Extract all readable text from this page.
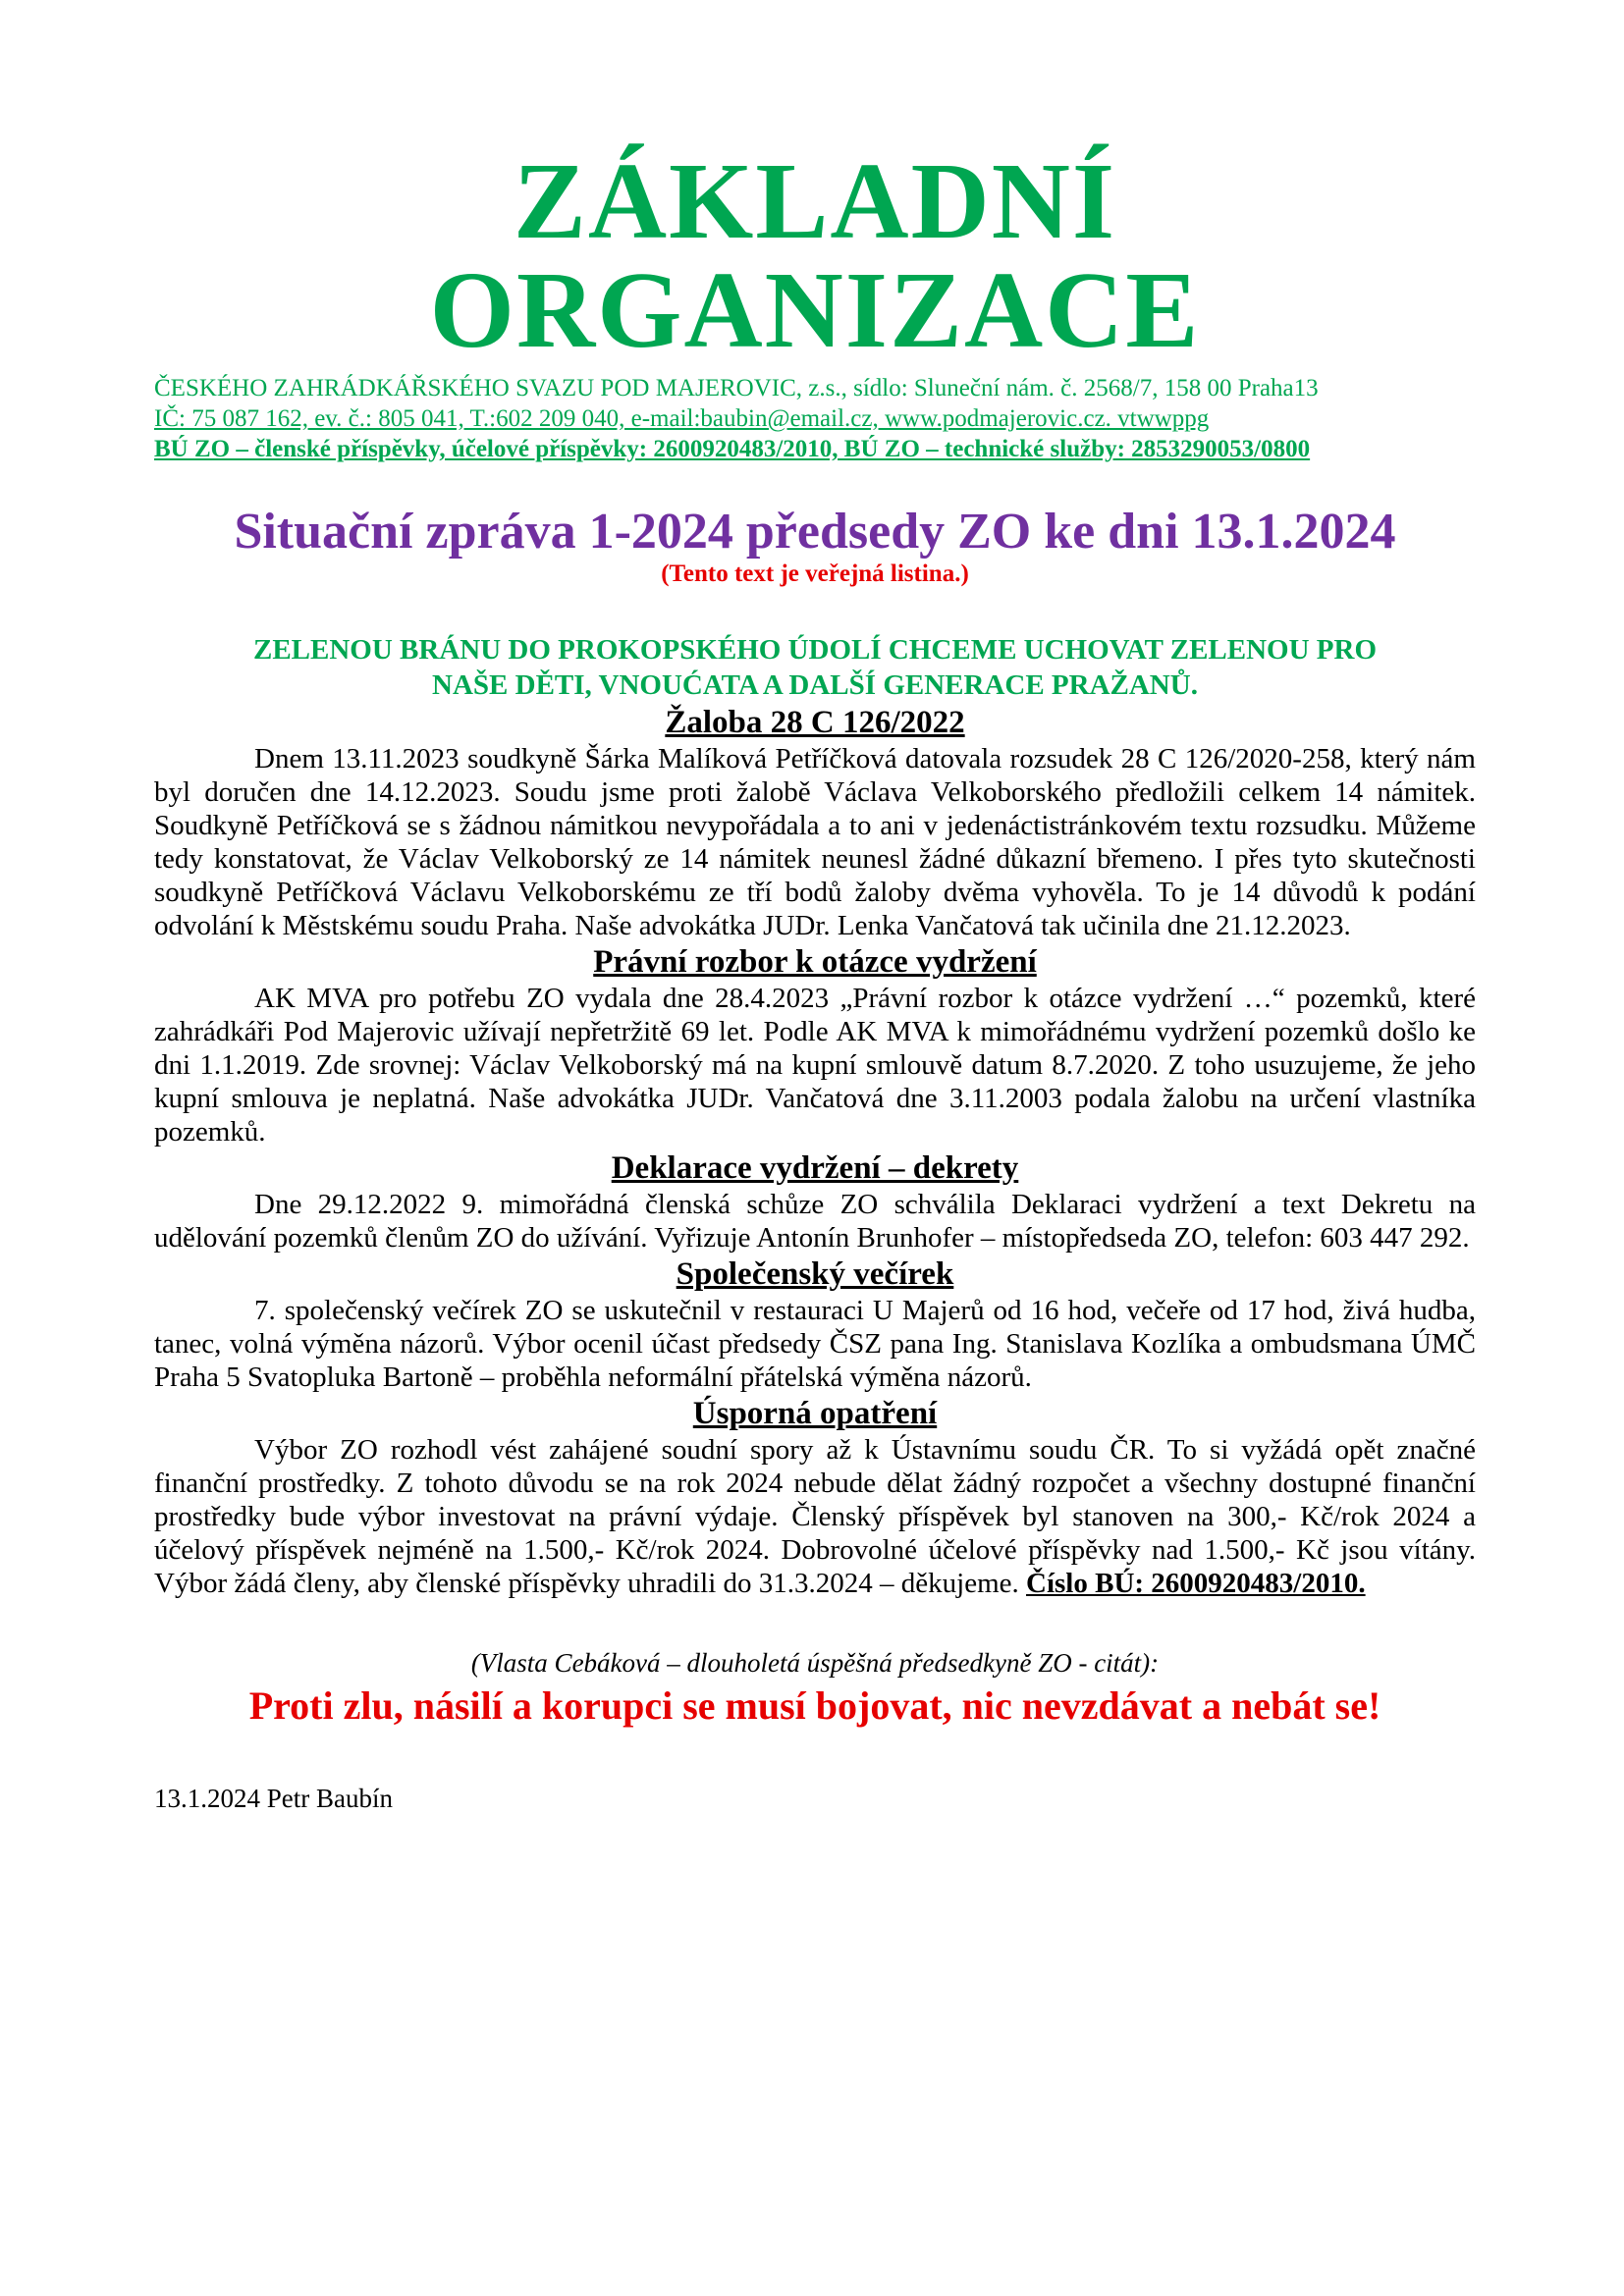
ZÁKLADNÍ ORGANIZACE

ČESKÉHO ZAHRÁDKÁŘSKÉHO SVAZU POD MAJEROVIC, z.s., sídlo: Sluneční nám. č. 2568/7, 158 00 Praha13

IČ: 75 087 162, ev. č.: 805 041, T.:602 209 040, e-mail:baubin@email.cz, www.podmajerovic.cz. vtwwppg

BÚ ZO – členské příspěvky, účelové příspěvky: 2600920483/2010, BÚ ZO – technické služby: 2853290053/0800

Situační zpráva 1-2024 předsedy ZO ke dni 13.1.2024
(Tento text je veřejná listina.)
ZELENOU BRÁNU DO PROKOPSKÉHO ÚDOLÍ CHCEME UCHOVAT ZELENOU PRO NAŠE DĚTI, VNOUĆATA A DALŠÍ GENERACE PRAŽANŮ.
Žaloba 28 C 126/2022

Dnem 13.11.2023 soudkyně Šárka Malíková Petříčková datovala rozsudek 28 C 126/2020-258, který nám byl doručen dne 14.12.2023. Soudu jsme proti žalobě Václava Velkoborského předložili celkem 14 námitek. Soudkyně Petříčková se s žádnou námitkou nevypořádala a to ani v jedenáctistránkovém textu rozsudku. Můžeme tedy konstatovat, že Václav Velkoborský ze 14 námitek neunesl žádné důkazní břemeno. I přes tyto skutečnosti soudkyně Petříčková Václavu Velkoborskému ze tří bodů žaloby dvěma vyhověla. To je 14 důvodů k podání odvolání k Městskému soudu Praha. Naše advokátka JUDr. Lenka Vančatová tak učinila dne 21.12.2023.

Právní rozbor k otázce vydržení

AK MVA pro potřebu ZO vydala dne 28.4.2023 „Právní rozbor k otázce vydržení …“ pozemků, které zahrádkáři Pod Majerovic užívají nepřetržitě 69 let. Podle AK MVA k mimořádnému vydržení pozemků došlo ke dni 1.1.2019. Zde srovnej: Václav Velkoborský má na kupní smlouvě datum 8.7.2020. Z toho usuzujeme, že jeho kupní smlouva je neplatná. Naše advokátka JUDr. Vančatová dne 3.11.2003 podala žalobu na určení vlastníka pozemků.

Deklarace vydržení – dekrety

Dne 29.12.2022 9. mimořádná členská schůze ZO schválila Deklaraci vydržení a text Dekretu na udělování pozemků členům ZO do užívání. Vyřizuje Antonín Brunhofer – místopředseda ZO, telefon: 603 447 292.

Společenský večírek

7. společenský večírek ZO se uskutečnil v restauraci U Majerů od 16 hod, večeře od 17 hod, živá hudba, tanec, volná výměna názorů. Výbor ocenil účast předsedy ČSZ pana Ing. Stanislava Kozlíka a ombudsmana ÚMČ Praha 5 Svatopluka Bartoně – proběhla neformální přátelská výměna názorů.

Úsporná opatření

Výbor ZO rozhodl vést zahájené soudní spory až k Ústavnímu soudu ČR. To si vyžádá opět značné finanční prostředky. Z tohoto důvodu se na rok 2024 nebude dělat žádný rozpočet a všechny dostupné finanční prostředky bude výbor investovat na právní výdaje. Členský příspěvek byl stanoven na 300,- Kč/rok 2024 a účelový příspěvek nejméně na 1.500,- Kč/rok 2024. Dobrovolné účelové příspěvky nad 1.500,- Kč jsou vítány. Výbor žádá členy, aby členské příspěvky uhradili do 31.3.2024 – děkujeme. Číslo BÚ: 2600920483/2010.

(Vlasta Cebáková – dlouholetá úspěšná předsedkyně ZO - citát):
Proti zlu, násilí a korupci se musí bojovat, nic nevzdávat a nebát se!
13.1.2024 Petr Baubín
